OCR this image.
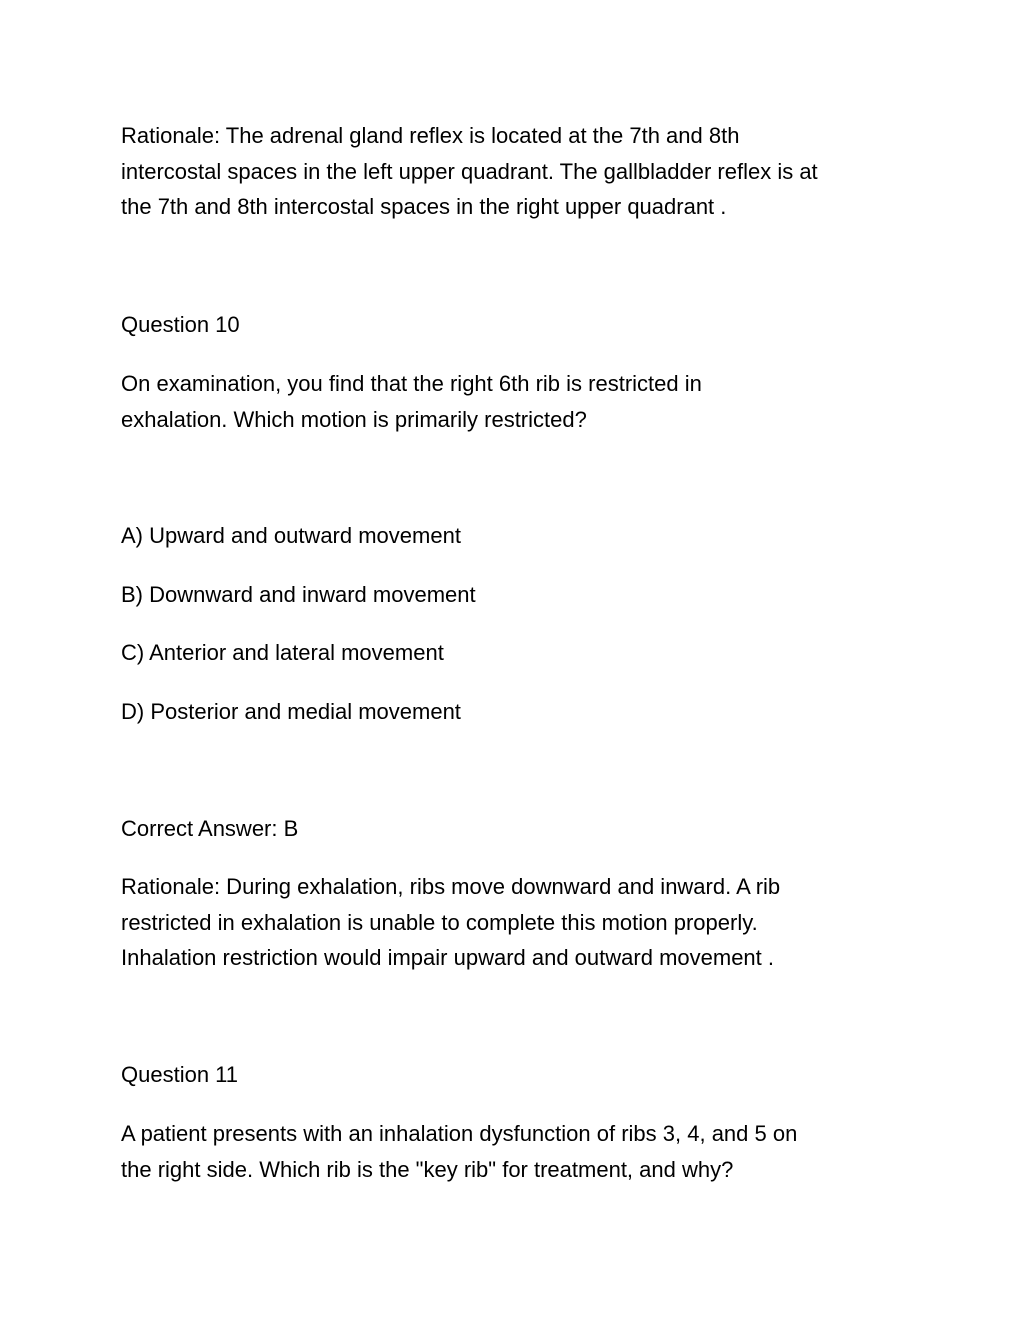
Rationale: The adrenal gland reflex is located at the 7th and 8th
intercostal spaces in the left upper quadrant. The gallbladder reflex is at
the 7th and 8th intercostal spaces in the right upper quadrant .

Question 10

On examination, you find that the right 6th rib is restricted in
exhalation. Which motion is primarily restricted?

A) Upward and outward movement

B) Downward and inward movement

C) Anterior and lateral movement

D) Posterior and medial movement

Correct Answer: B

Rationale: During exhalation, ribs move downward and inward. A rib
restricted in exhalation is unable to complete this motion properly.
Inhalation restriction would impair upward and outward movement .

Question 11

A patient presents with an inhalation dysfunction of ribs 3, 4, and 5 on
the right side. Which rib is the "key rib" for treatment, and why?
